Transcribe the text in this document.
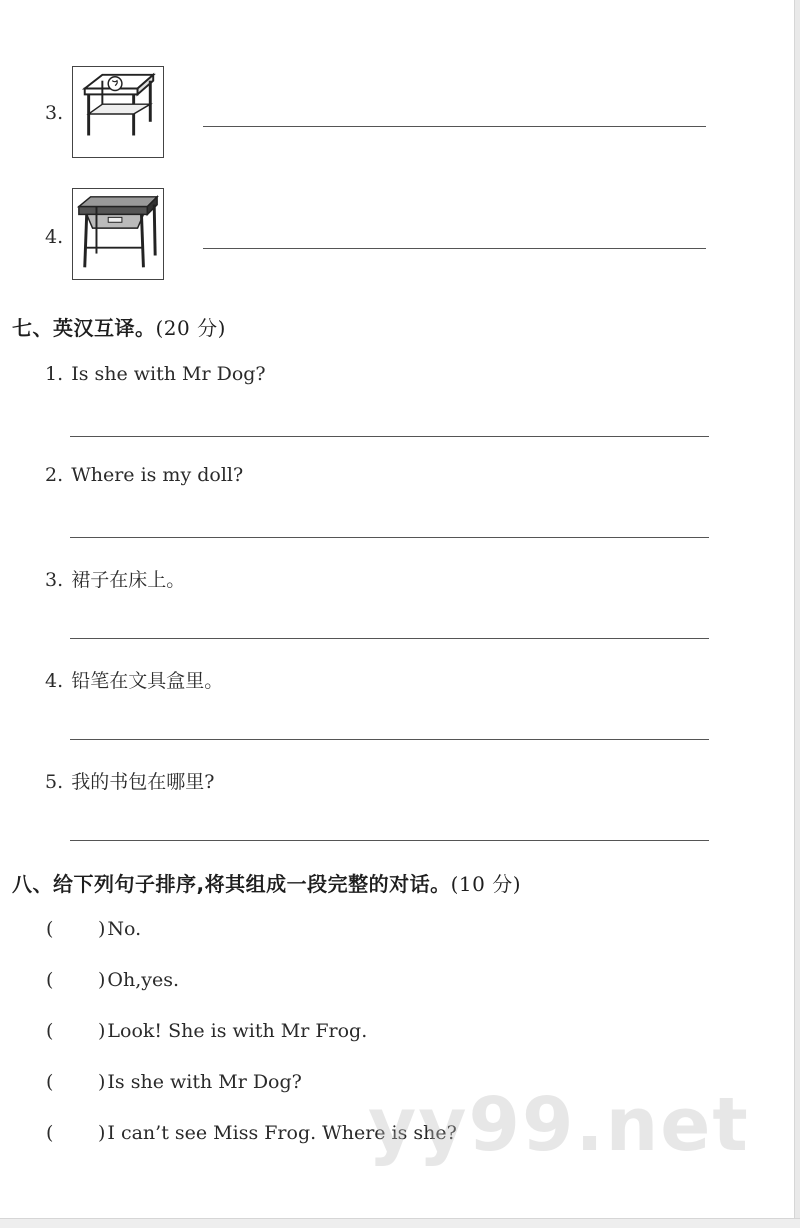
3.
4.
七、英汉互译。(20 分)
1. Is she with Mr Dog?
2. Where is my doll?
3. 裙子在床上。
4. 铅笔在文具盒里。
5. 我的书包在哪里?
八、给下列句子排序,将其组成一段完整的对话。(10 分)
( ) No.
( ) Oh,yes.
( ) Look! She is with Mr Frog.
( ) Is she with Mr Dog?
( ) I can’t see Miss Frog. Where is she?
yy99.net
